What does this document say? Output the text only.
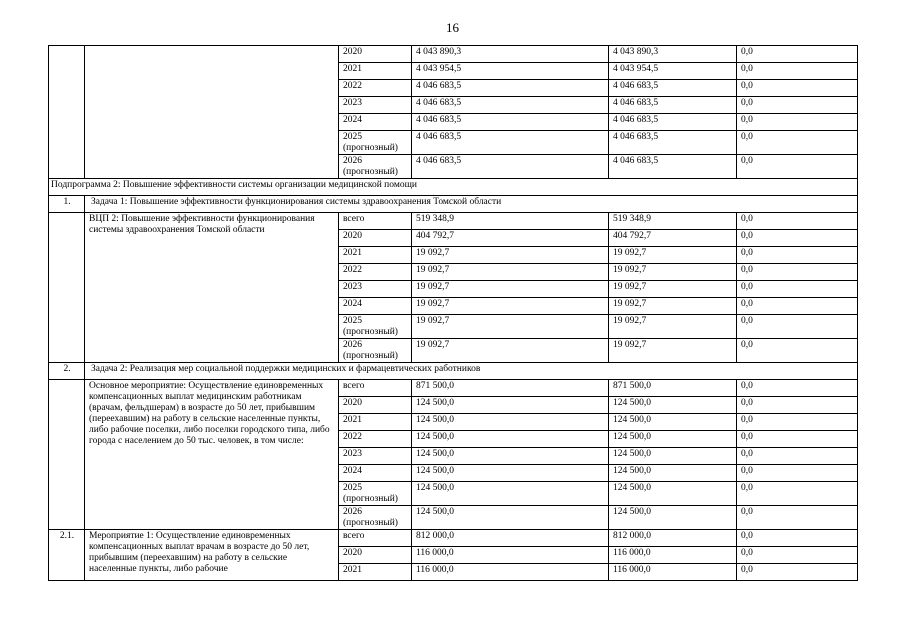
16
		2020	4 043 890,3	4 043 890,3	0,0
		2021	4 043 954,5	4 043 954,5	0,0
		2022	4 046 683,5	4 046 683,5	0,0
		2023	4 046 683,5	4 046 683,5	0,0
		2024	4 046 683,5	4 046 683,5	0,0
		2025 (прогнозный)	4 046 683,5	4 046 683,5	0,0
		2026 (прогнозный)	4 046 683,5	4 046 683,5	0,0
Подпрограмма 2: Повышение эффективности системы организации медицинской помощи					
1.	Задача 1: Повышение эффективности функционирования системы здравоохранения Томской области				
	ВЦП 2: Повышение эффективности функционирования системы здравоохранения Томской области	всего	519 348,9	519 348,9	0,0
		2020	404 792,7	404 792,7	0,0
		2021	19 092,7	19 092,7	0,0
		2022	19 092,7	19 092,7	0,0
		2023	19 092,7	19 092,7	0,0
		2024	19 092,7	19 092,7	0,0
		2025 (прогнозный)	19 092,7	19 092,7	0,0
		2026 (прогнозный)	19 092,7	19 092,7	0,0
2.	Задача 2: Реализация мер социальной поддержки медицинских и фармацевтических работников				
	Основное мероприятие: Осуществление единовременных компенсационных выплат медицинским работникам (врачам, фельдшерам) в возрасте до 50 лет, прибывшим (переехавшим) на работу в сельские населенные пункты, либо рабочие поселки, либо поселки городского типа, либо города с населением до 50 тыс. человек, в том числе:	всего	871 500,0	871 500,0	0,0
		2020	124 500,0	124 500,0	0,0
		2021	124 500,0	124 500,0	0,0
		2022	124 500,0	124 500,0	0,0
		2023	124 500,0	124 500,0	0,0
		2024	124 500,0	124 500,0	0,0
		2025 (прогнозный)	124 500,0	124 500,0	0,0
		2026 (прогнозный)	124 500,0	124 500,0	0,0
2.1.	Мероприятие 1: Осуществление единовременных компенсационных выплат врачам в возрасте до 50 лет, прибывшим (переехавшим) на работу в сельские населенные пункты, либо рабочие	всего	812 000,0	812 000,0	0,0
		2020	116 000,0	116 000,0	0,0
		2021	116 000,0	116 000,0	0,0
